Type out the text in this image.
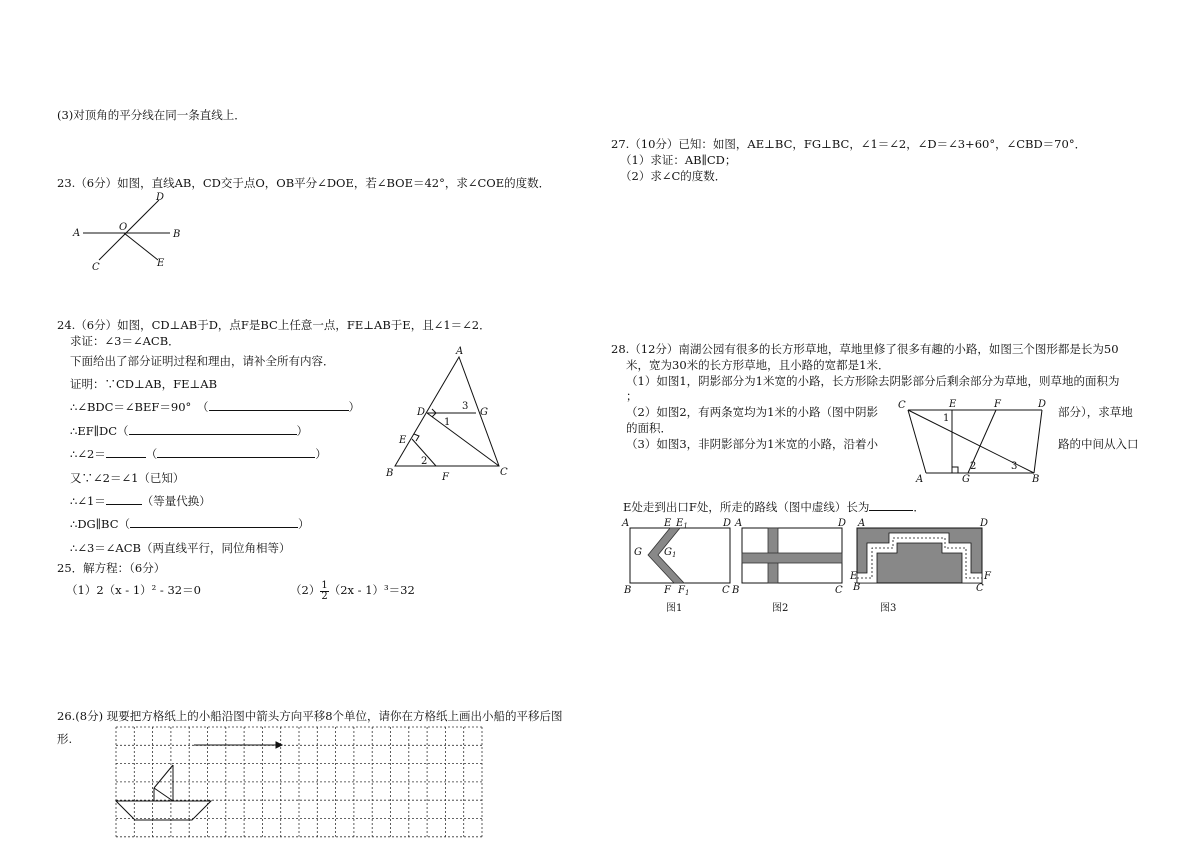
(3)对顶角的平分线在同一条直线上．
23.（6分）如图，直线AB，CD交于点O，OB平分∠DOE，若∠BOE＝42°，求∠COE的度数．
D
A
O
B
C	E
24.（6分）如图，CD⊥AB于D，点F是BC上任意一点，FE⊥AB于E，且∠1＝∠2．
求证：∠3＝∠ACB．
下面给出了部分证明过程和理由，请补全所有内容．
证明：∵CD⊥AB，FE⊥AB
∴∠BDC＝∠BEF＝90°　（	）
∴EF∥DC（	）
∴∠2＝	（	）
又∵∠2＝∠1（已知）
∴∠1＝	（等量代换）
∴DG∥BC（	）
∴∠3＝∠ACB（两直线平行，同位角相等）
A
D
3
G
1
E
2
B	F	C
25．解方程：（6分）
（1）2（x - 1）² - 32＝0	$(2) \frac{1}{2} (2x - 1)^3=32$
26.(8分) 现要把方格纸上的小船沿图中箭头方向平移8个单位，请你在方格纸上画出小船的平移后图
形.
27.（10分）已知：如图，AE⊥BC，FG⊥BC，∠1＝∠2，∠D＝∠3+60°，∠CBD＝70°．
（1）求证：AB∥CD；
（2）求∠C的度数．
28.（12分）南湖公园有很多的长方形草地，草地里修了很多有趣的小路，如图三个图形都是长为50
米，宽为30米的长方形草地，且小路的宽都是1米．
（1）如图1，阴影部分为1米宽的小路，长方形除去阴影部分后剩余部分为草地，则草地的面积为
；
（2）如图2，有两条宽均为1米的小路（图中阴影	部分），求草地
的面积．
（3）如图3，非阴影部分为1米宽的小路，沿着小	路的中间从入口
C	E	F	D
1
A	G
2	3
B
E处走到出口F处，所走的路线（图中虚线）长为	．
A	E $E_1$	D
G $G_1$
B	F $F_1$	C
A	D
B	C
A	D
E	F
B	C
图1	图2	图3
